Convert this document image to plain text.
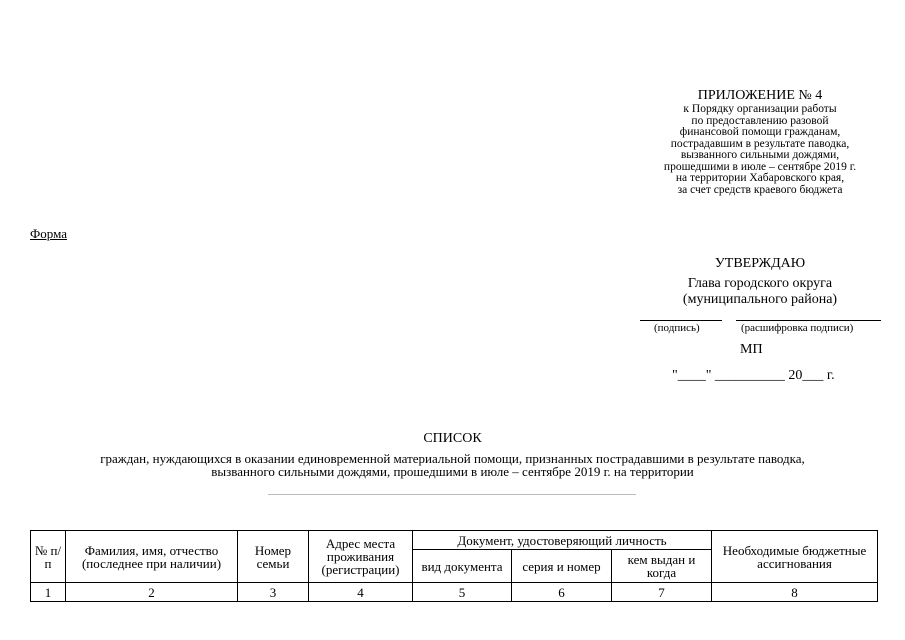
ПРИЛОЖЕНИЕ № 4
к Порядку организации работы
по предоставлению разовой
финансовой помощи гражданам,
пострадавшим в результате паводка,
вызванного сильными дождями,
прошедшими в июле – сентябре 2019 г.
на территории Хабаровского края,
за счет средств краевого бюджета
Форма
УТВЕРЖДАЮ
Глава городского округа
(муниципального района)
(подпись)	(расшифровка подписи)
МП
"____" __________ 20___ г.
СПИСОК
граждан, нуждающихся в оказании единовременной материальной помощи, признанных пострадавшими в результате паводка,
вызванного сильными дождями, прошедшими в июле – сентябре 2019 г. на территории
№ п/п	Фамилия, имя, отчество (последнее при наличии)	Номер семьи	Адрес места проживания (регистрации)	Документ, удостоверяющий личность			Необходимые бюджетные ассигнования
				вид документа	серия и номер	кем выдан и когда	
1	2	3	4	5	6	7	8
